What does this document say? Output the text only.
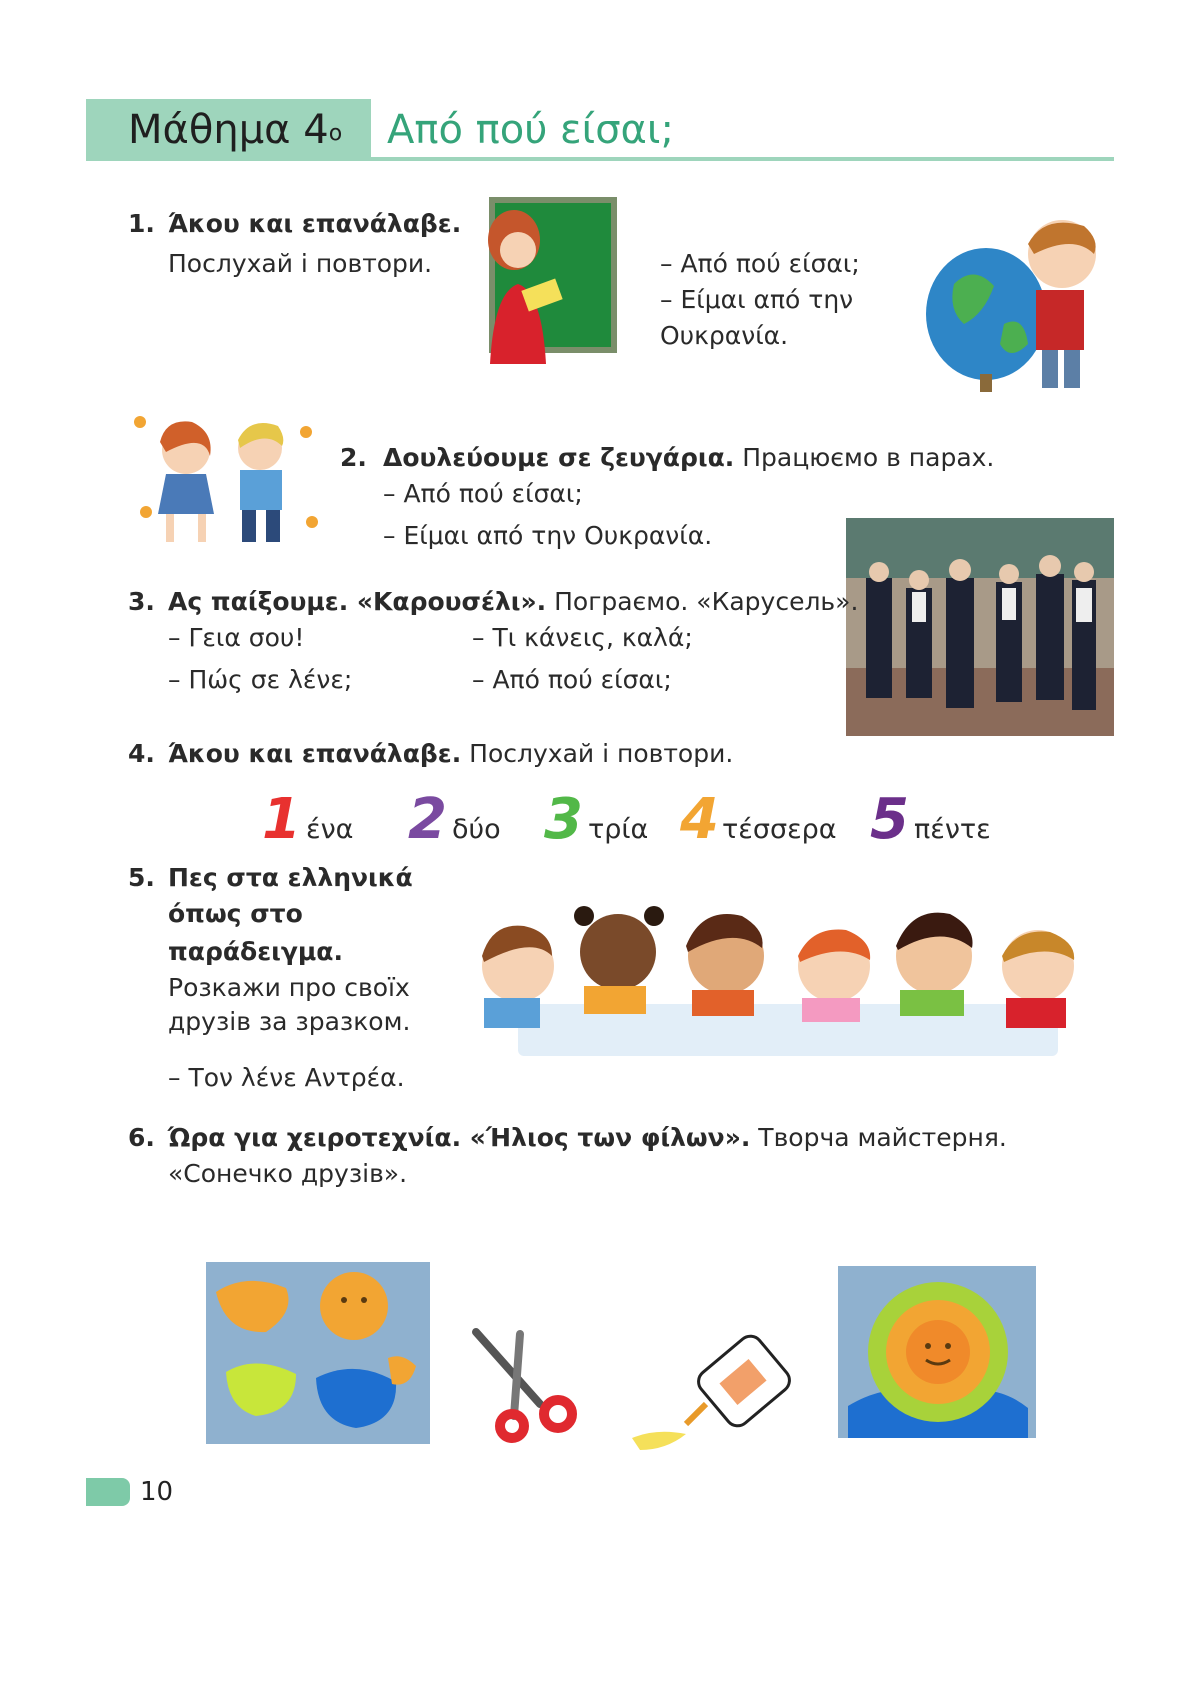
Μάθημα $4^o$ Από πού είσαι;
1. Άκου και επανάλαβε.
Послухай і повтори.	– Από πού είσαι;
– Είμαι από την
Ουκρανία.
2. Δουλεύουμε σε ζευγάρια. Працюємо в парах.
– Από πού είσαι;
– Είμαι από την Ουκρανία.
3. Ας παίξουμε. «Καρουσέλι». Пограємо. «Карусель».
– Γεια σου!
– Πώς σε λένε;
– Τι κάνεις, καλά;
– Από πού είσαι;
4. Άκου και επανάλαβε. Послухай і повтори.
1 ένα 2 δύο 3 τρία 4 τέσσερα 5 πέντε
5. Πες στα ελληνικά
όπως στο
παράδειγμα.
Розкажи про своїх
друзів за зразком.
– Τον λένε Αντρέα.
6. Ώρα για χειροτεχνία. «Ήλιος των φίλων». Творча майстерня.
«Сонечко друзів».
10
